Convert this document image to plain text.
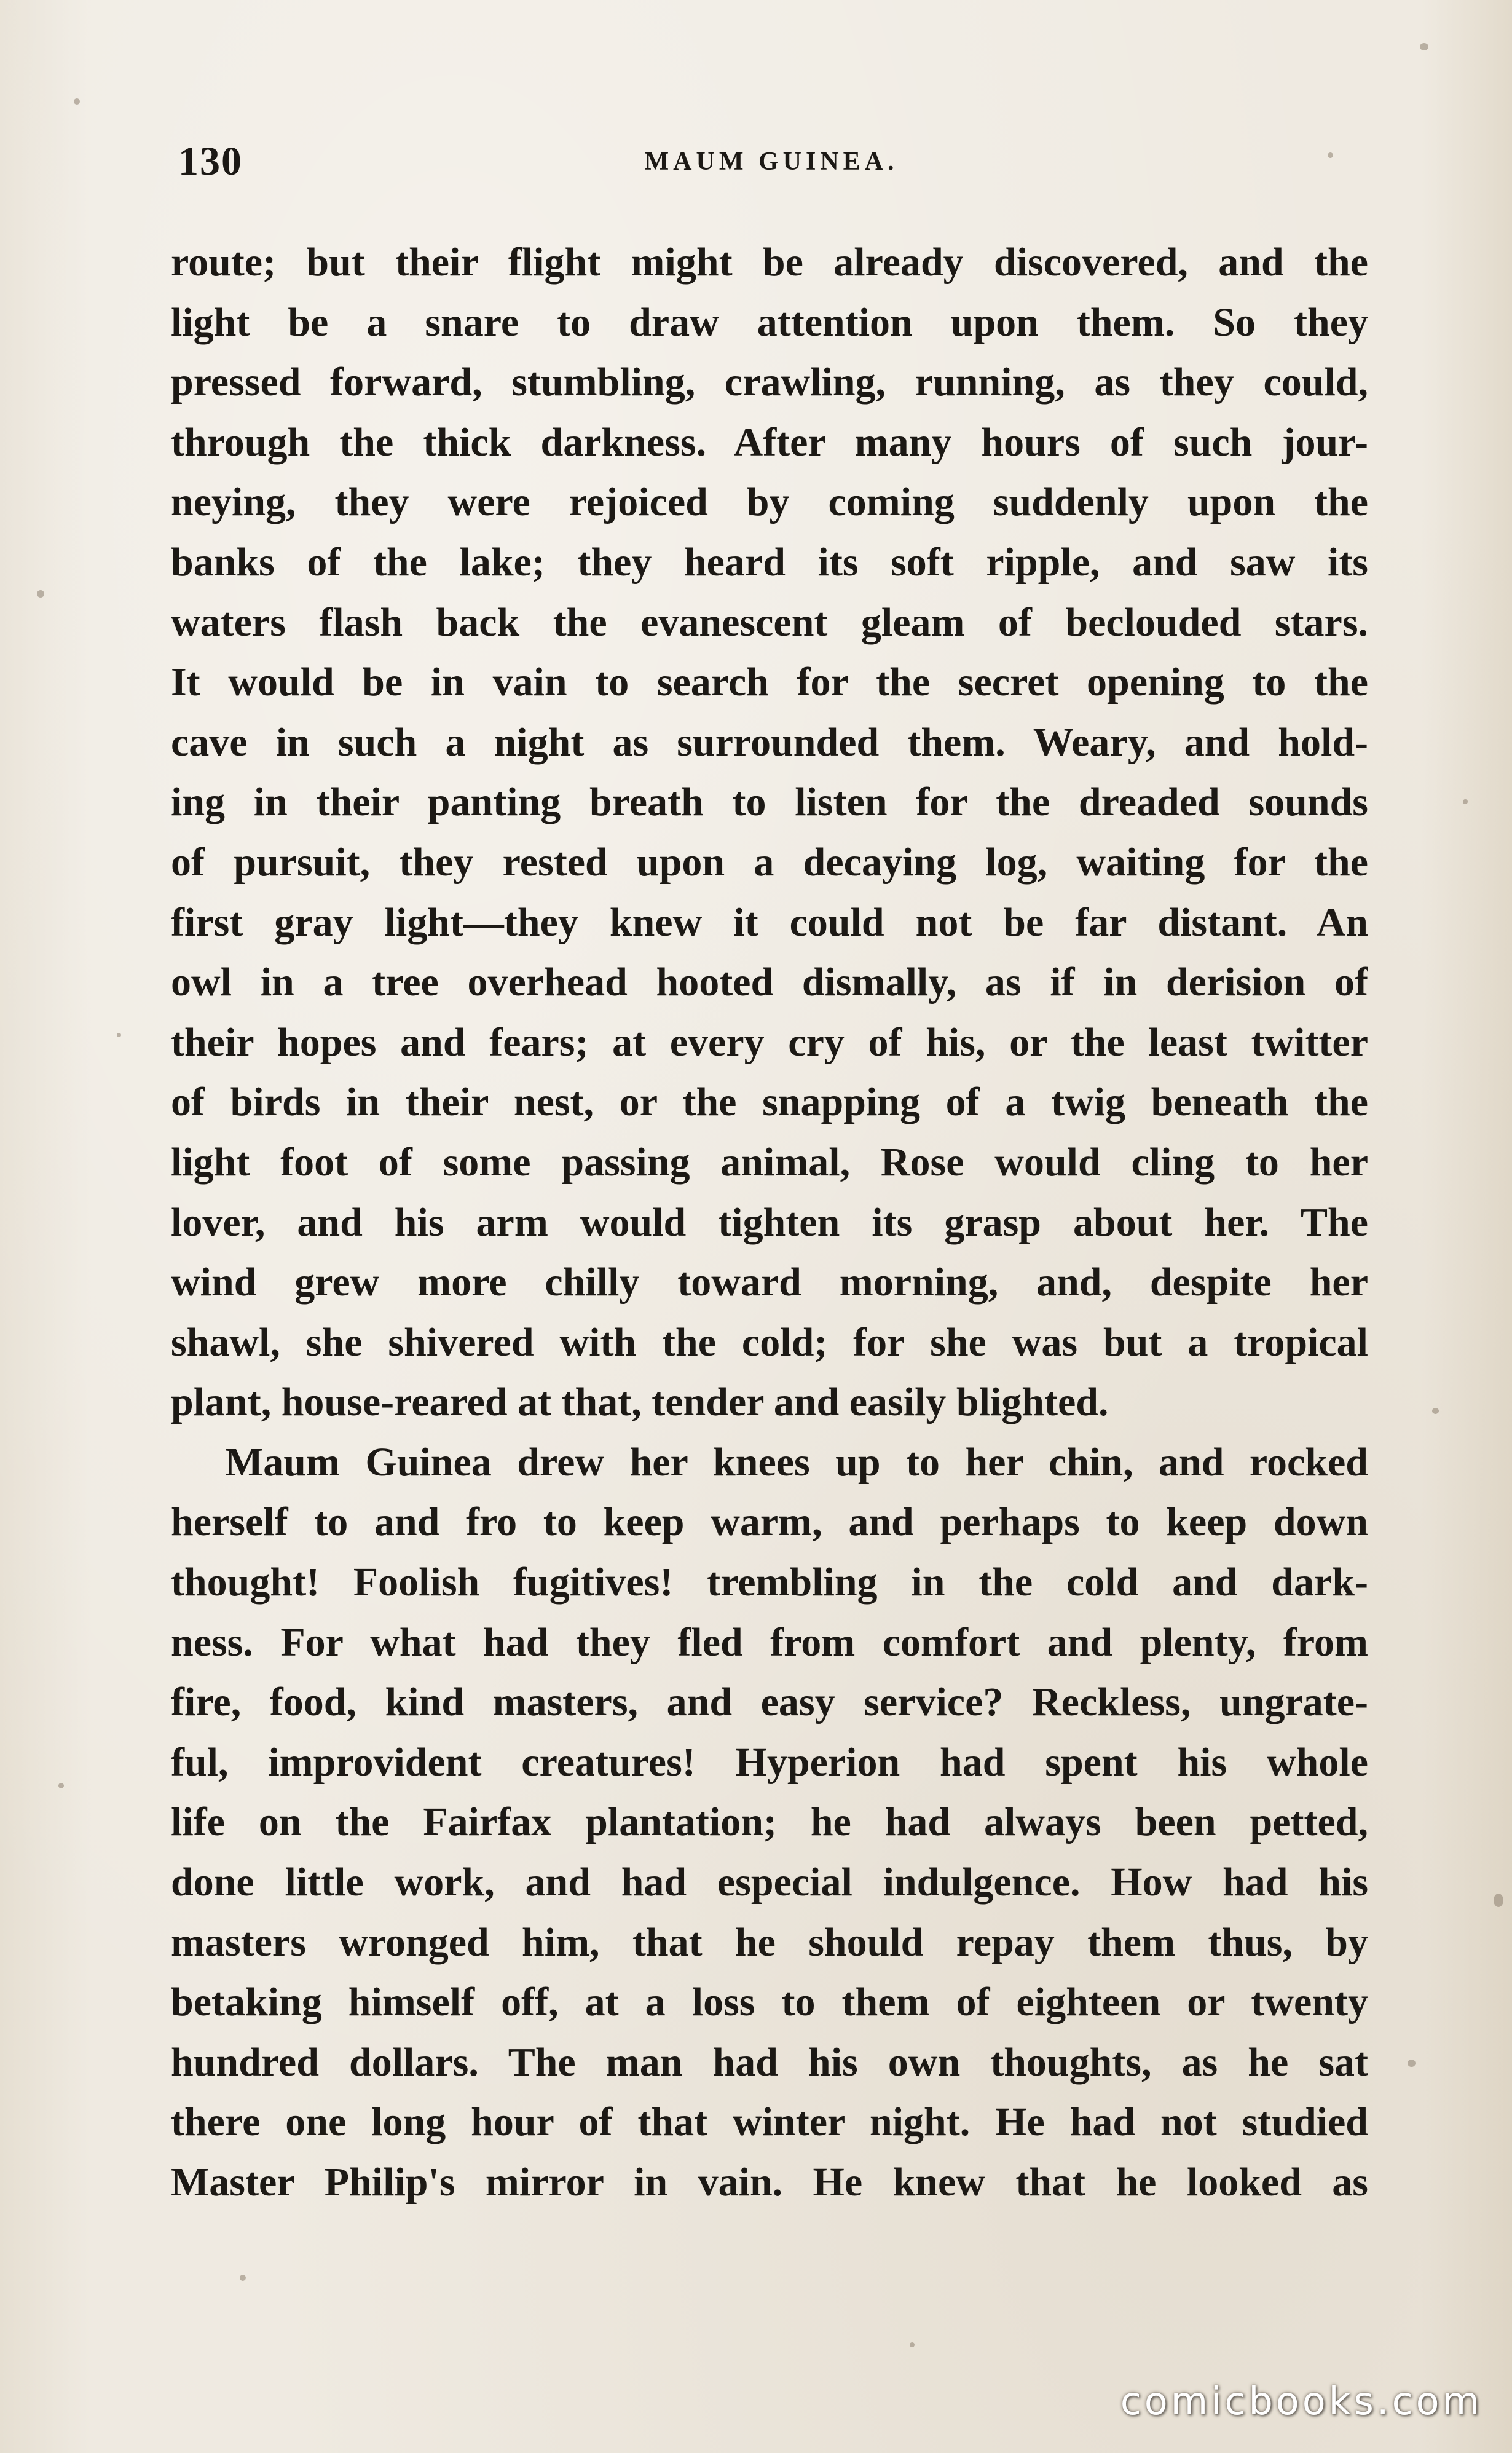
130	MAUM GUINEA.
route; but their flight might be already discovered, and the
light be a snare to draw attention upon them. So they
pressed forward, stumbling, crawling, running, as they could,
through the thick darkness. After many hours of such jour-
neying, they were rejoiced by coming suddenly upon the
banks of the lake; they heard its soft ripple, and saw its
waters flash back the evanescent gleam of beclouded stars.
It would be in vain to search for the secret opening to the
cave in such a night as surrounded them. Weary, and hold-
ing in their panting breath to listen for the dreaded sounds
of pursuit, they rested upon a decaying log, waiting for the
first gray light—they knew it could not be far distant. An
owl in a tree overhead hooted dismally, as if in derision of
their hopes and fears; at every cry of his, or the least twitter
of birds in their nest, or the snapping of a twig beneath the
light foot of some passing animal, Rose would cling to her
lover, and his arm would tighten its grasp about her. The
wind grew more chilly toward morning, and, despite her
shawl, she shivered with the cold; for she was but a tropical
plant, house-reared at that, tender and easily blighted.
Maum Guinea drew her knees up to her chin, and rocked
herself to and fro to keep warm, and perhaps to keep down
thought! Foolish fugitives! trembling in the cold and dark-
ness. For what had they fled from comfort and plenty, from
fire, food, kind masters, and easy service? Reckless, ungrate-
ful, improvident creatures! Hyperion had spent his whole
life on the Fairfax plantation; he had always been petted,
done little work, and had especial indulgence. How had his
masters wronged him, that he should repay them thus, by
betaking himself off, at a loss to them of eighteen or twenty
hundred dollars. The man had his own thoughts, as he sat
there one long hour of that winter night. He had not studied
Master Philip's mirror in vain. He knew that he looked as
comicbooks.com
